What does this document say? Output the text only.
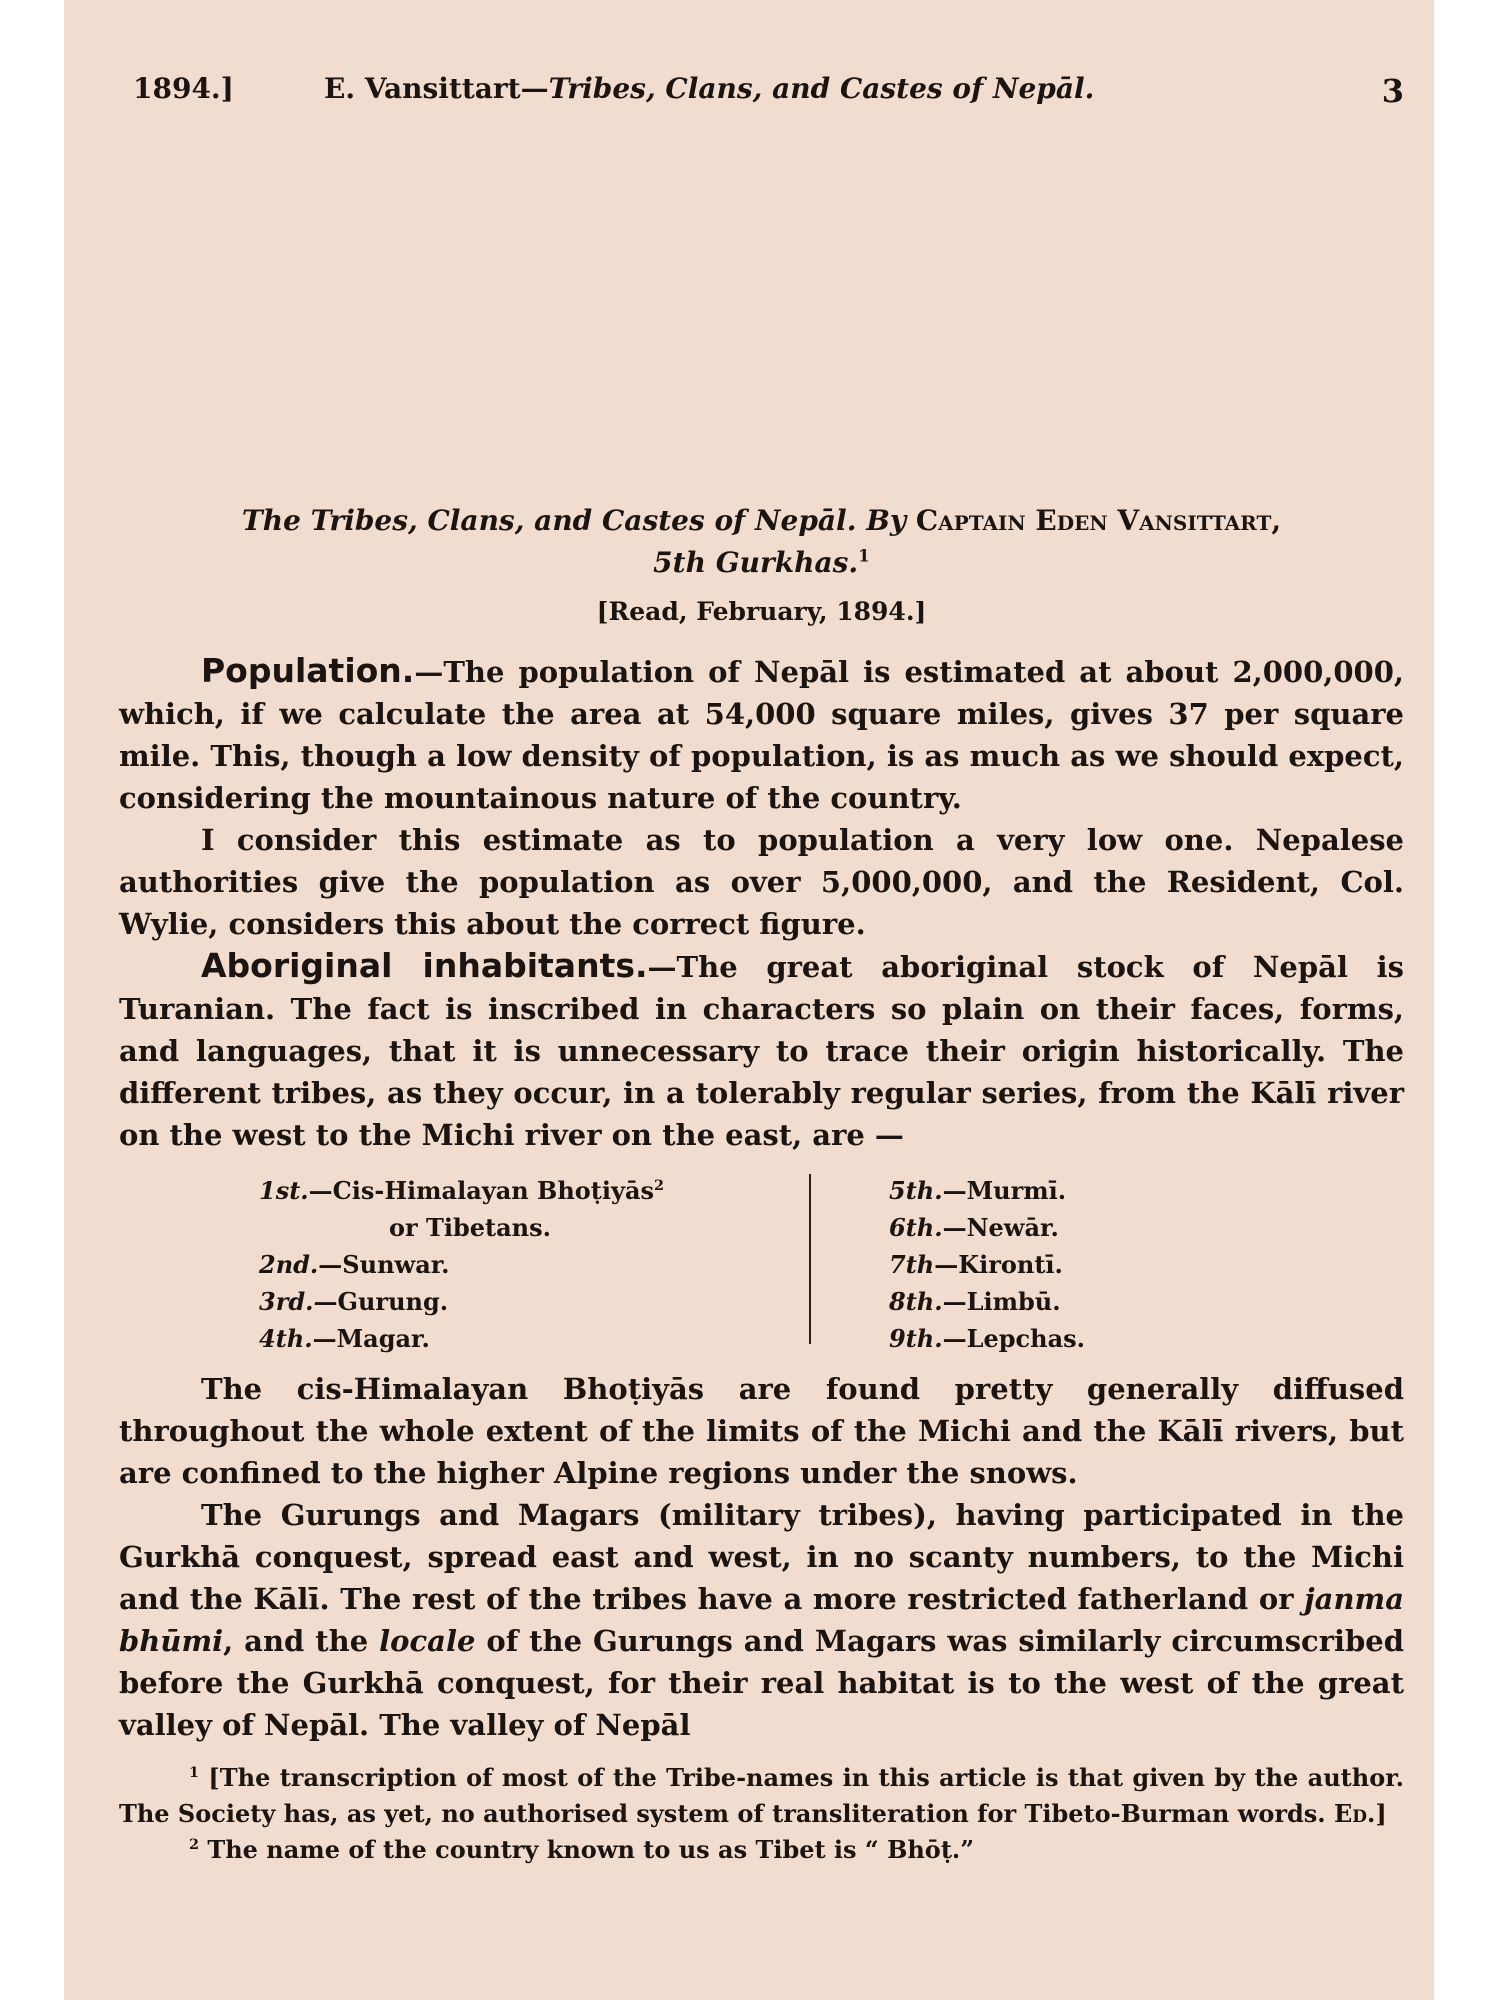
1894.]	E. Vansittart—Tribes, Clans, and Castes of Nepāl.	3
The Tribes, Clans, and Castes of Nepāl. By Captain Eden Vansittart,
5th Gurkhas.$^1$
[Read, February, 1894.]

Population.—The population of Nepāl is estimated at about 2,000,000, which, if we calculate the area at 54,000 square miles, gives 37 per square mile. This, though a low density of population, is as much as we should expect, considering the mountainous nature of the country.

I consider this estimate as to population a very low one. Nepalese authorities give the population as over 5,000,000, and the Resident, Col. Wylie, considers this about the correct figure.

Aboriginal inhabitants.—The great aboriginal stock of Nepāl is Turanian. The fact is inscribed in characters so plain on their faces, forms, and languages, that it is unnecessary to trace their origin historically. The different tribes, as they occur, in a tolerably regular series, from the Kālī river on the west to the Michi river on the east, are —

1st.—Cis-Himalayan Bhoṭiyās$^2$
or Tibetans.
2nd.—Sunwar.
3rd.—Gurung.
4th.—Magar.
5th.—Murmī.
6th.—Newār.
7th—Kirontī.
8th.—Limbū.
9th.—Lepchas.

The cis-Himalayan Bhoṭiyās are found pretty generally diffused throughout the whole extent of the limits of the Michi and the Kālī rivers, but are confined to the higher Alpine regions under the snows.

The Gurungs and Magars (military tribes), having participated in the Gurkhā conquest, spread east and west, in no scanty numbers, to the Michi and the Kālī. The rest of the tribes have a more restricted fatherland or janma bhūmi, and the locale of the Gurungs and Magars was similarly circumscribed before the Gurkhā conquest, for their real habitat is to the west of the great valley of Nepāl. The valley of Nepāl

$^1$ [The transcription of most of the Tribe-names in this article is that given by the author. The Society has, as yet, no authorised system of transliteration for Tibeto-Burman words. Ed.]

$^2$ The name of the country known to us as Tibet is “ Bhōṭ.”
